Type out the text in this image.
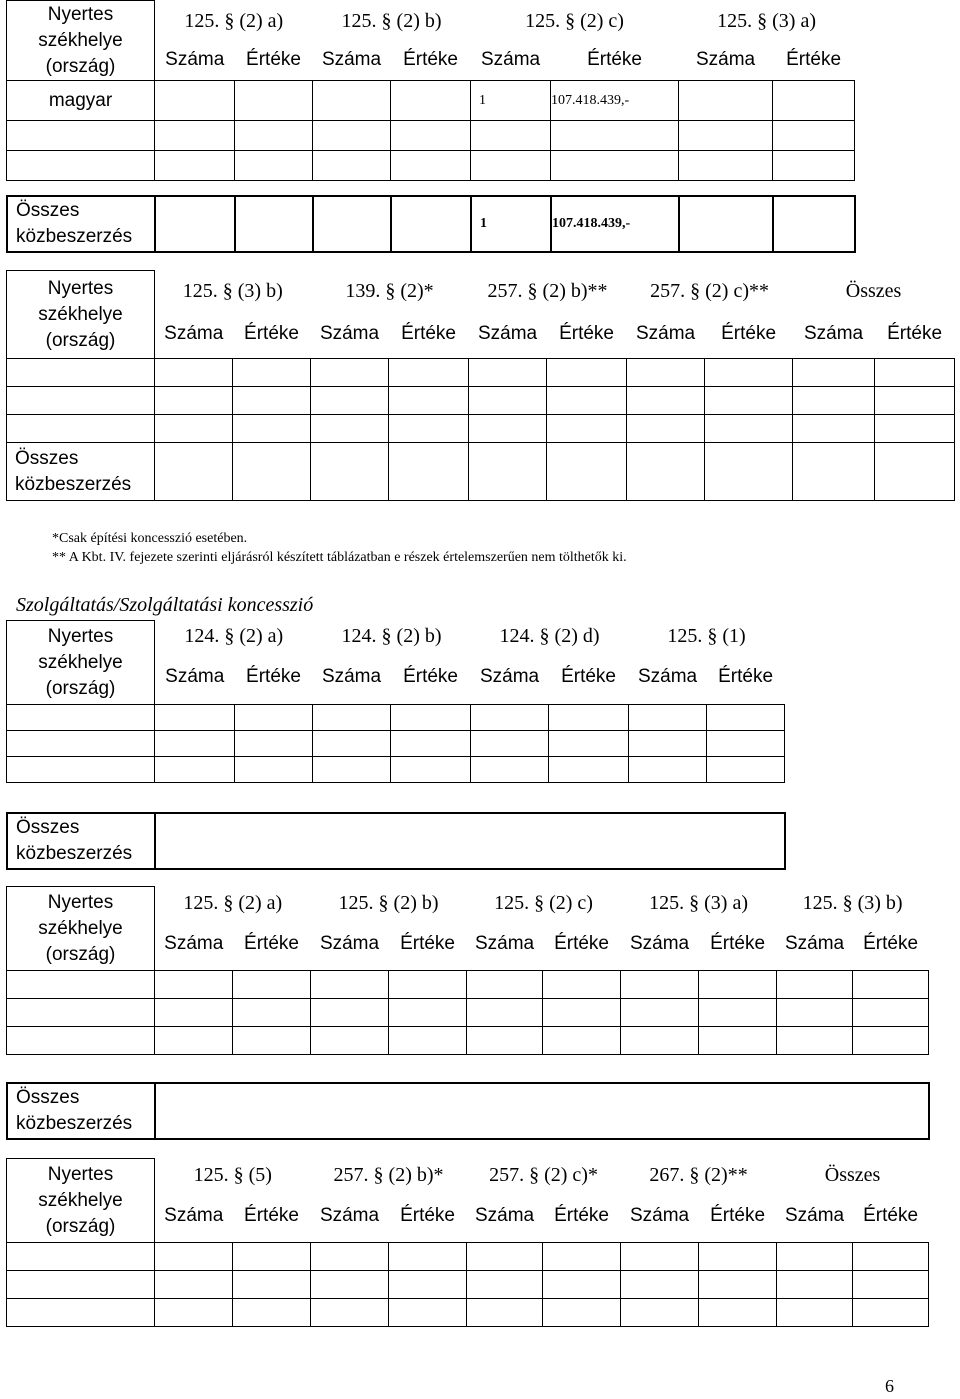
Nyertes
székhelye
(ország)	125. § (2) a)		125. § (2) b)		125. § (2) c)		125. § (3) a)	
	Száma	Értéke	Száma	Értéke	Száma	Értéke	Száma	Értéke
magyar					1	107.418.439,-		

Összes
közbeszerzés					1	107.418.439,-		
Nyertes
székhelye
(ország)	125. § (3) b)		139. § (2)*		257. § (2) b)**		257. § (2) c)**		Összes	
	Száma	Értéke	Száma	Értéke	Száma	Értéke	Száma	Értéke	Száma	Értéke

Összes
közbeszerzés										
*Csak építési koncesszió esetében.
** A Kbt. IV. fejezete szerinti eljárásról készített táblázatban e részek értelemszerűen nem tölthetők ki.
Szolgáltatás/Szolgáltatási koncesszió
Nyertes
székhelye
(ország)	124. § (2) a)		124. § (2) b)		124. § (2) d)		125. § (1)	
	Száma	Értéke	Száma	Értéke	Száma	Értéke	Száma	Értéke

Összes
közbeszerzés	
Nyertes
székhelye
(ország)	125. § (2) a)		125. § (2) b)		125. § (2) c)		125. § (3) a)		125. § (3) b)	
	Száma	Értéke	Száma	Értéke	Száma	Értéke	Száma	Értéke	Száma	Értéke

Összes
közbeszerzés	
Nyertes
székhelye
(ország)	125. § (5)		257. § (2) b)*		257. § (2) c)*		267. § (2)**		Összes	
	Száma	Értéke	Száma	Értéke	Száma	Értéke	Száma	Értéke	Száma	Értéke

6
